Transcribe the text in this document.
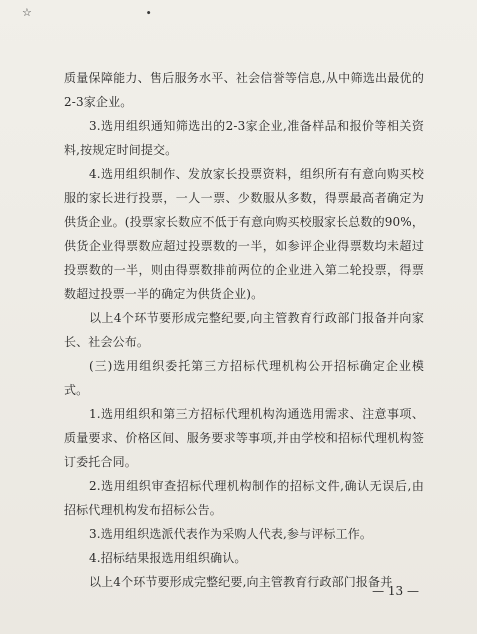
☆	∙

质量保障能力、售后服务水平、社会信誉等信息,从中筛选出最优的2-3家企业。

3.选用组织通知筛选出的2-3家企业,准备样品和报价等相关资料,按规定时间提交。

4.选用组织制作、发放家长投票资料，组织所有有意向购买校服的家长进行投票，一人一票、少数服从多数，得票最高者确定为供货企业。(投票家长数应不低于有意向购买校服家长总数的90%，供货企业得票数应超过投票数的一半，如参评企业得票数均未超过投票数的一半，则由得票数排前两位的企业进入第二轮投票，得票数超过投票一半的确定为供货企业)。

以上4个环节要形成完整纪要,向主管教育行政部门报备并向家长、社会公布。

(三)选用组织委托第三方招标代理机构公开招标确定企业模式。

1.选用组织和第三方招标代理机构沟通选用需求、注意事项、质量要求、价格区间、服务要求等事项,并由学校和招标代理机构签订委托合同。

2.选用组织审查招标代理机构制作的招标文件,确认无误后,由招标代理机构发布招标公告。

3.选用组织选派代表作为采购人代表,参与评标工作。

4.招标结果报选用组织确认。

以上4个环节要形成完整纪要,向主管教育行政部门报备并

— 13 —
